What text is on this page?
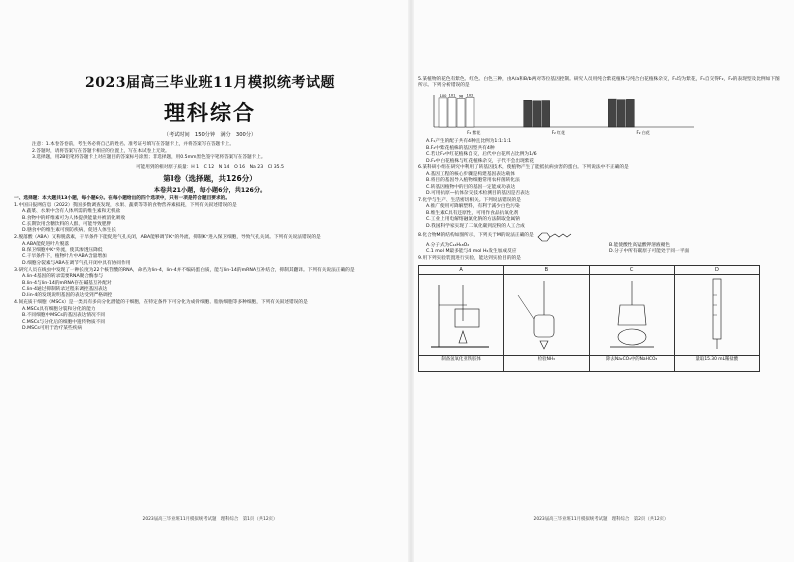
2023届高三毕业班11月模拟统考试题
理科综合
（考试时间　150分钟　满分　300分）
注意：1.本卷答卷前，考生务必将自己的姓名、准考证号填写在答题卡上，并将答案写在答题卡上。
2.答题时，请将答案写在答题卡相应的位置上，写在本试卷上无效。
3.选择题，用2B铅笔将答题卡上对应题目的答案标号涂黑；非选择题，用0.5mm黑色签字笔将答案写在答题卡上。
可能用到的相对原子质量：H 1　C 12　N 14　O 16　Na 23　Cl 35.5
第Ⅰ卷（选择题，共126分）
本卷共21小题，每小题6分，共126分。
一、选择题：本大题共13小题，每小题6分。在每小题给出的四个选项中，只有一项是符合题目要求的。
1.中国日报网信息（2022）我国多数调查发现，水果、蔬菜等等的食物营养素损耗，下列有关叙述错误的是
A.蔬菜、水果中含有人体所需的维生素和无机盐
B.食物中的纤维素可为人体提供能量并被消化吸收
C.长期饮用含糖饮料的人群，可能导致肥胖
D.膳食中的维生素可预防疾病，促进人体生长
2.脱落酸（ABA）又称脱落素，干旱条件下能促进气孔关闭，ABA能够调节K⁺的外流，抑制K⁺进入保卫细胞，导致气孔关闭。下列有关说法错误的是
A.ABA能促进叶片脱落
B.保卫细胞中K⁺外流，使其渗透压降低
C.干旱条件下，植物叶片中ABA含量增加
D.细胞分裂素与ABA在调节气孔开闭中具有协同作用
3.研究人员在线虫中发现了一种长度为22个核苷酸的RNA，命名为lin-4，lin-4并不编码蛋白质，能与lin-14的mRNA互补结合，抑制其翻译。下列有关说法正确的是
A.lin-4基因的转录需要RNA聚合酶参与
B.lin-4与lin-14的mRNA存在碱基互补配对
C.lin-4通过抑制转录过程来调控基因表达
D.lin-4的发现说明基因的表达受到严格调控
4.间充质干细胞（MSCs）是一类具有多向分化潜能的干细胞，在特定条件下可分化为成骨细胞、脂肪细胞等多种细胞，下列有关叙述错误的是
A.MSCs具有细胞分裂和分化的能力
B.不同细胞中MSCs的基因表达情况不同
C.MSCs与分化后的细胞中遗传物质不同
D.MSCs可用于治疗某些疾病
2023届高三毕业班11月模拟统考试题　理科综合　第1页（共12页）
5.某植物的花色有紫色、红色、白色三种，由A/a和B/b两对等位基因控制。研究人员用纯合紫花植株与纯合白花植株杂交，F₁均为紫花，F₁自交得F₂，F₂的表现型及比例如下图所示。下列分析错误的是
100 101 98 102
F₂ 紫花	F₂ 红花	F₂ 白花
A.F₁产生的配子共有4种且比例为1:1:1:1
B.F₂中紫花植株的基因型共有4种
C.若让F₂中红花植株自交，后代中白花所占比例为1/6
D.F₂中白花植株与红花植株杂交，子代不会出现紫花
6.某科研小组在研究中利用了转基因技术，使植物产生了能抵抗病虫害的蛋白。下列说法中不正确的是
A.基因工程的核心步骤是构建基因表达载体
B.将目的基因导入植物细胞常用农杆菌转化法
C.转基因植物中的目的基因一定能成功表达
D.可用抗原—抗体杂交技术检测目的基因是否表达
7.化学与生产、生活密切相关。下列说法错误的是
A.推广使用可降解塑料，有利于减少白色污染
B.维生素C具有还原性，可用作食品抗氧化剂
C.工业上用电解熔融氯化钠的方法制取金属钠
D.我国科学家实现了二氧化碳到淀粉的人工合成
8.化合物M的结构如图所示，下列关于M的说法正确的是
A.分子式为C₁₄H₁₈O₂	B.能使酸性高锰酸钾溶液褪色
C.1 mol M最多能与4 mol H₂发生加成反应	D.分子中所有碳原子可能处于同一平面
9.用下列实验装置进行实验，能达到实验目的的是
A
制备氢氧化亚铁胶体
B
检验NH₃
C
除去Na₂CO₃中的NaHCO₃
D
量取15.30 mL稀盐酸
2023届高三毕业班11月模拟统考试题　理科综合　第2页（共12页）
